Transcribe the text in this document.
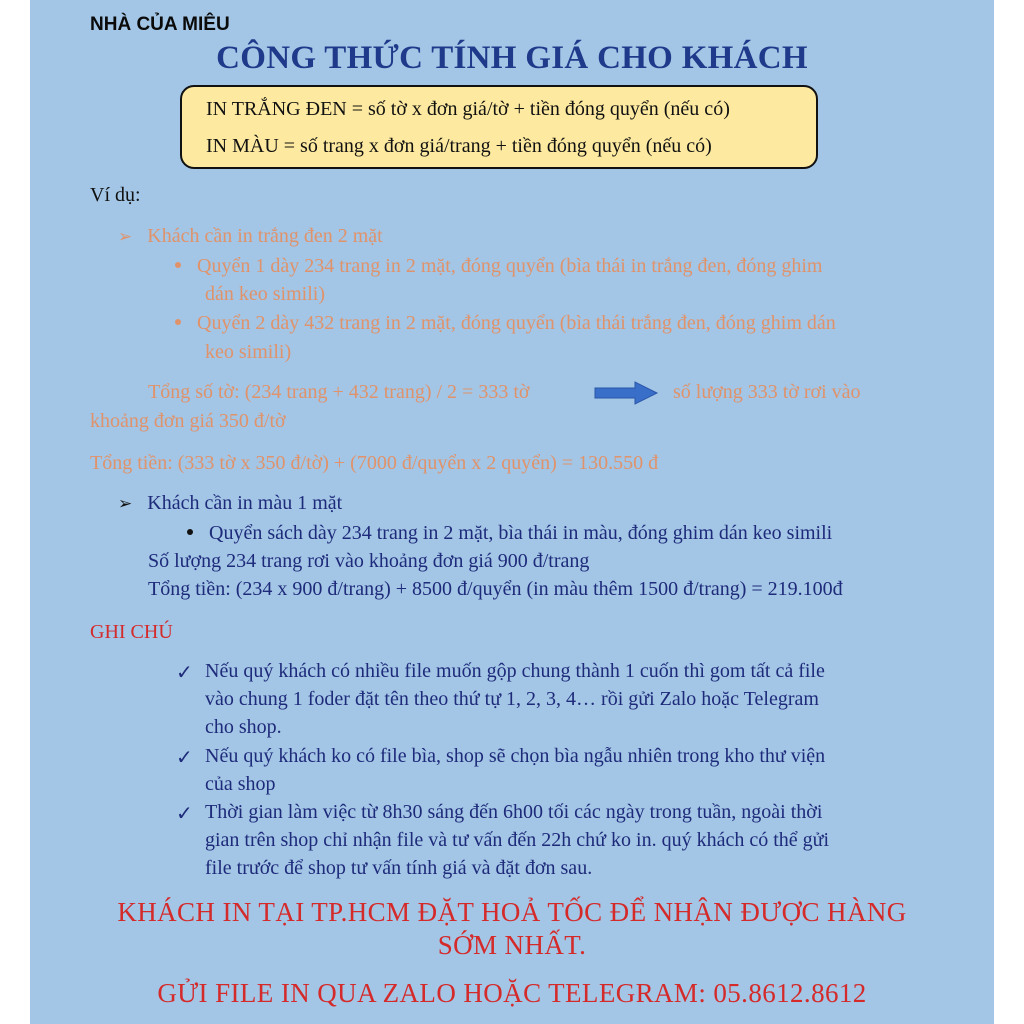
NHÀ CỦA MIÊU
CÔNG THỨC TÍNH GIÁ CHO KHÁCH
IN TRẮNG ĐEN = số tờ x đơn giá/tờ + tiền đóng quyển (nếu có)
IN MÀU = số trang x đơn giá/trang + tiền đóng quyển (nếu có)
Ví dụ:
➢ Khách cần in trắng đen 2 mặt
Quyển 1 dày 234 trang in 2 mặt, đóng quyển (bìa thái in trắng đen, đóng ghim
dán keo simili)
Quyển 2 dày 432 trang in 2 mặt, đóng quyển (bìa thái trắng đen, đóng ghim dán
keo simili)
Tổng số tờ: (234 trang + 432 trang) / 2 = 333 tờ	số lượng 333 tờ rơi vào
khoảng đơn giá 350 đ/tờ
Tổng tiền: (333 tờ x 350 đ/tờ) + (7000 đ/quyển x 2 quyển) = 130.550 đ
➢ Khách cần in màu 1 mặt
Quyển sách dày 234 trang in 2 mặt, bìa thái in màu, đóng ghim dán keo simili
Số lượng 234 trang rơi vào khoảng đơn giá 900 đ/trang
Tổng tiền: (234 x 900 đ/trang) + 8500 đ/quyển (in màu thêm 1500 đ/trang) = 219.100đ
GHI CHÚ
✓ Nếu quý khách có nhiều file muốn gộp chung thành 1 cuốn thì gom tất cả file
vào chung 1 foder đặt tên theo thứ tự 1, 2, 3, 4… rồi gửi Zalo hoặc Telegram
cho shop.
✓ Nếu quý khách ko có file bìa, shop sẽ chọn bìa ngẫu nhiên trong kho thư viện
của shop
✓ Thời gian làm việc từ 8h30 sáng đến 6h00 tối các ngày trong tuần, ngoài thời
gian trên shop chỉ nhận file và tư vấn đến 22h chứ ko in. quý khách có thể gửi
file trước để shop tư vấn tính giá và đặt đơn sau.
KHÁCH IN TẠI TP.HCM ĐẶT HOẢ TỐC ĐỂ NHẬN ĐƯỢC HÀNG
SỚM NHẤT.
GỬI FILE IN QUA ZALO HOẶC TELEGRAM: 05.8612.8612
